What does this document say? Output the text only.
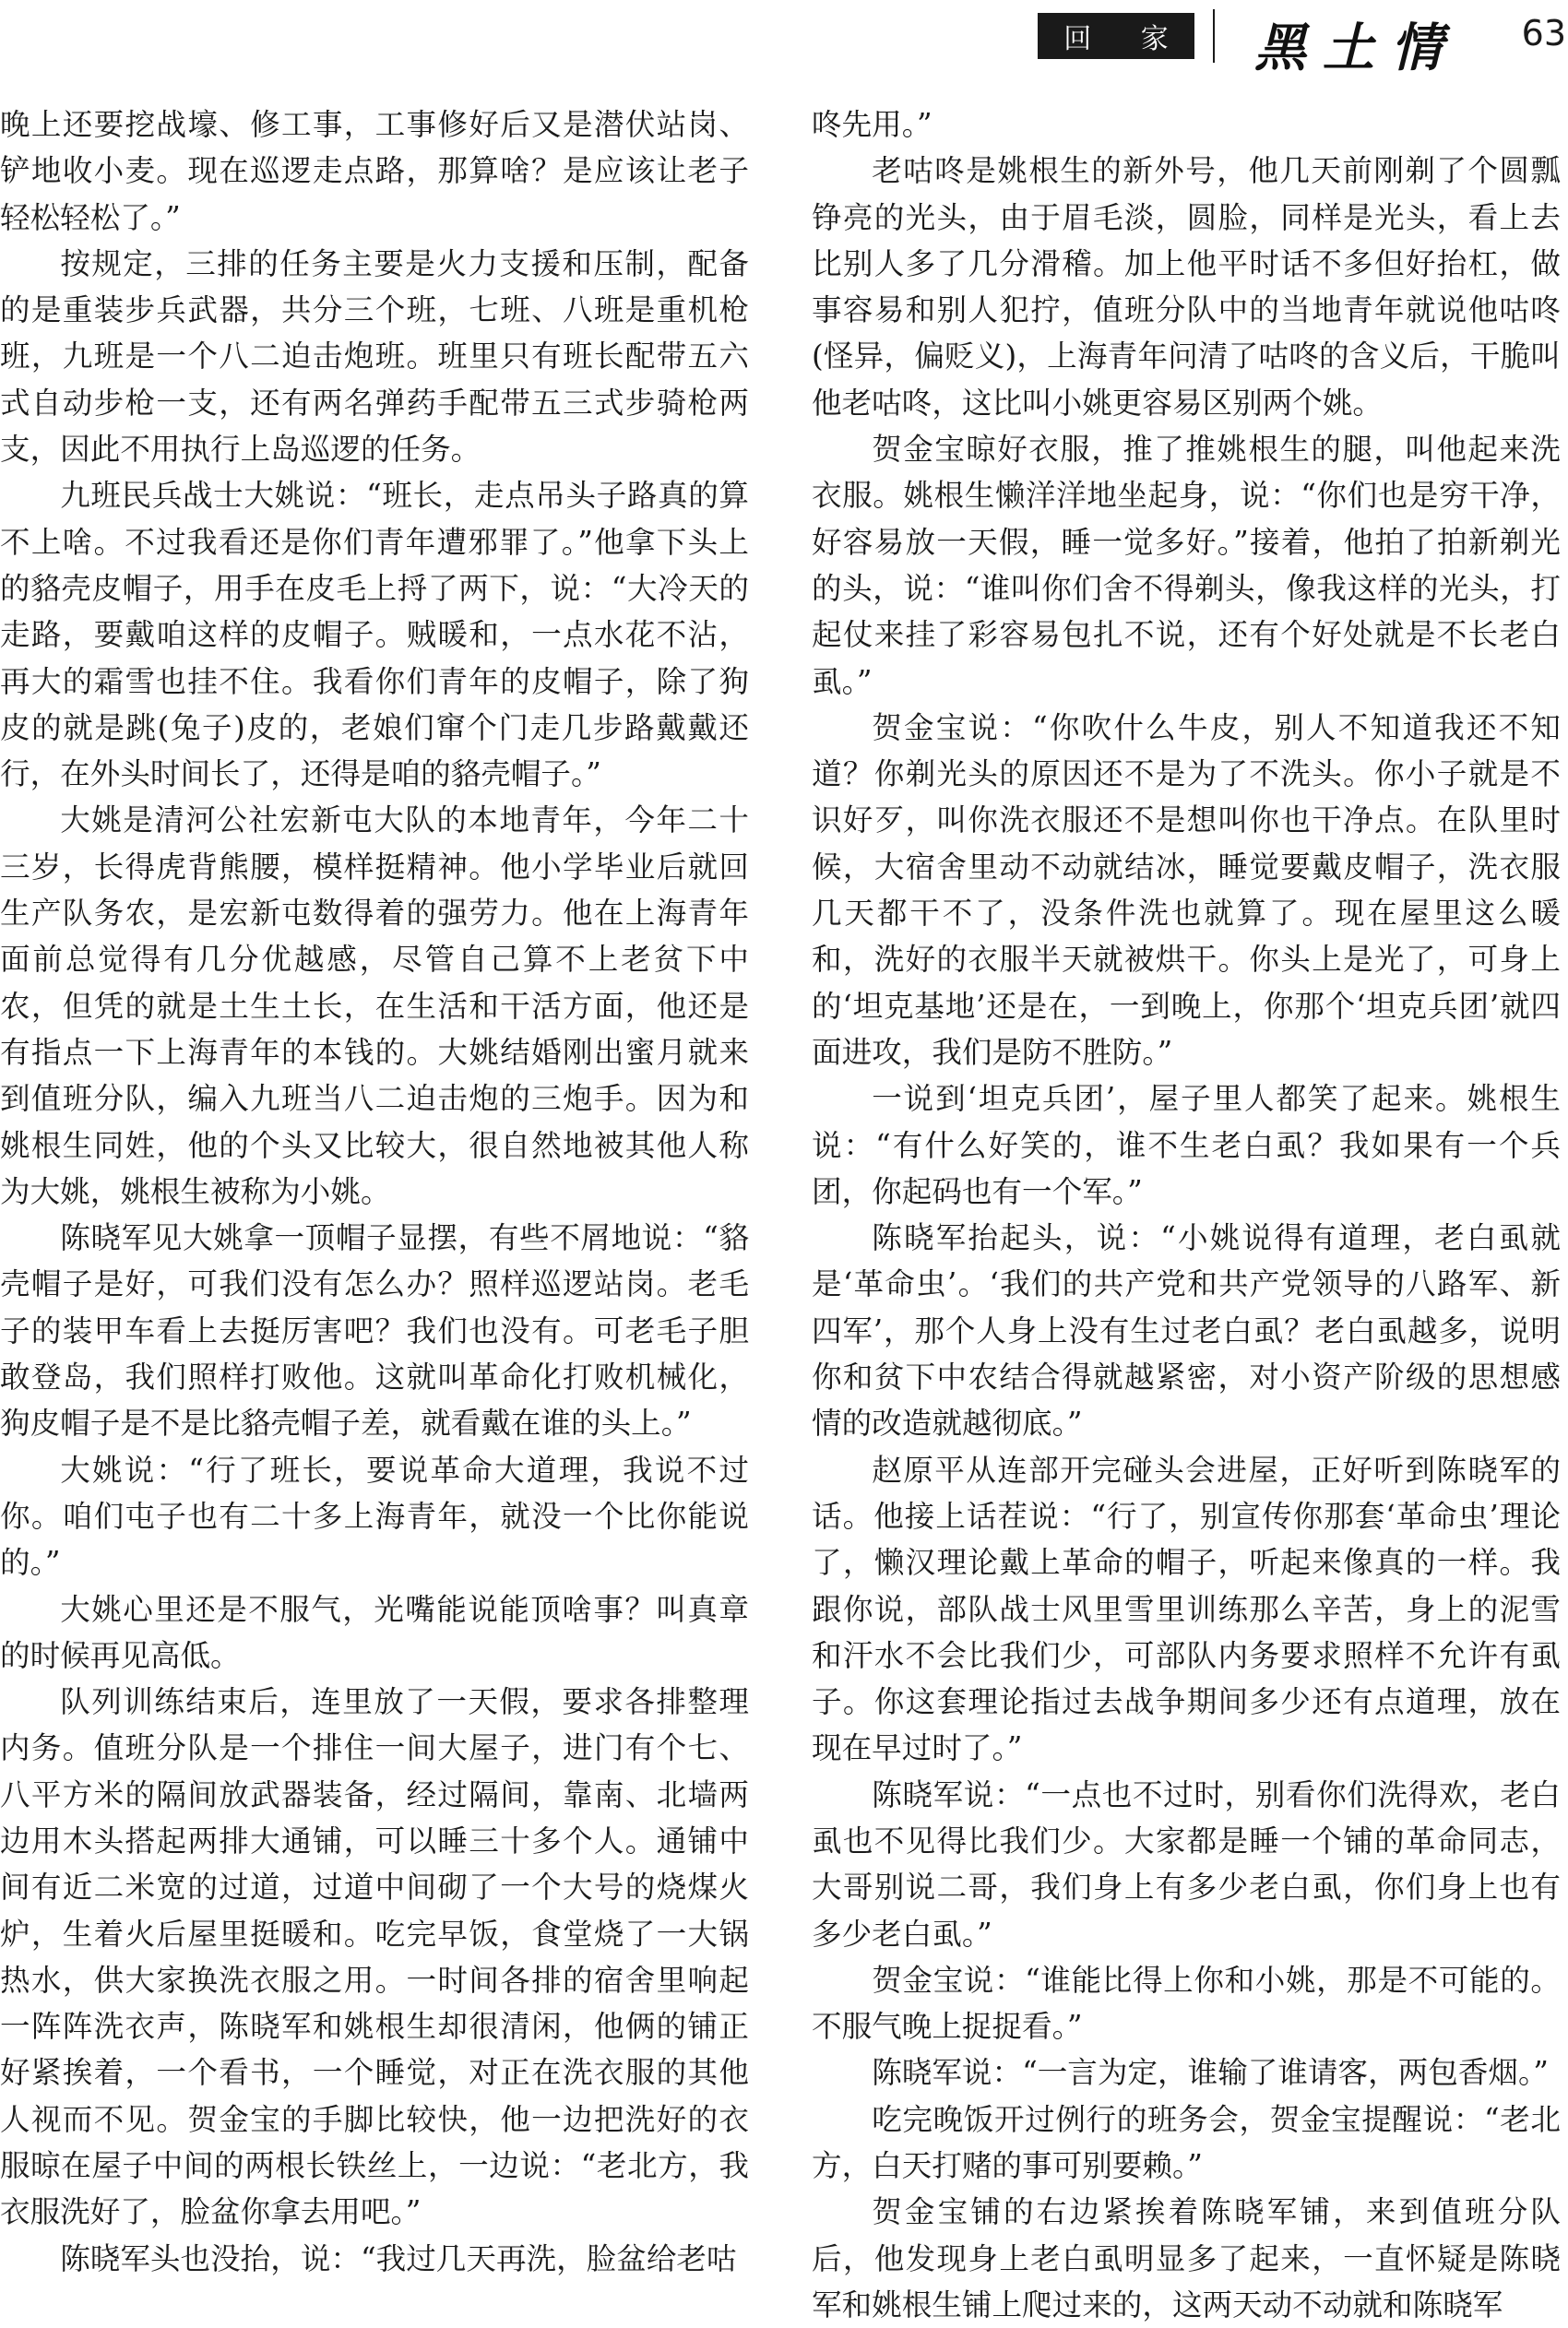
回 家 黑土情 63

晚上还要挖战壕、修工事，工事修好后又是潜伏站岗、铲地收小麦。现在巡逻走点路，那算啥？是应该让老子轻松轻松了。”

按规定，三排的任务主要是火力支援和压制，配备的是重装步兵武器，共分三个班，七班、八班是重机枪班，九班是一个八二迫击炮班。班里只有班长配带五六式自动步枪一支，还有两名弹药手配带五三式步骑枪两支，因此不用执行上岛巡逻的任务。

九班民兵战士大姚说：“班长，走点吊头子路真的算不上啥。不过我看还是你们青年遭邪罪了。”他拿下头上的貉壳皮帽子，用手在皮毛上捋了两下，说：“大冷天的走路，要戴咱这样的皮帽子。贼暖和，一点水花不沾，再大的霜雪也挂不住。我看你们青年的皮帽子，除了狗皮的就是跳(兔子)皮的，老娘们窜个门走几步路戴戴还行，在外头时间长了，还得是咱的貉壳帽子。”

大姚是清河公社宏新屯大队的本地青年，今年二十三岁，长得虎背熊腰，模样挺精神。他小学毕业后就回生产队务农，是宏新屯数得着的强劳力。他在上海青年面前总觉得有几分优越感，尽管自己算不上老贫下中农，但凭的就是土生土长，在生活和干活方面，他还是有指点一下上海青年的本钱的。大姚结婚刚出蜜月就来到值班分队，编入九班当八二迫击炮的三炮手。因为和姚根生同姓，他的个头又比较大，很自然地被其他人称为大姚，姚根生被称为小姚。

陈晓军见大姚拿一顶帽子显摆，有些不屑地说：“貉壳帽子是好，可我们没有怎么办？照样巡逻站岗。老毛子的装甲车看上去挺厉害吧？我们也没有。可老毛子胆敢登岛，我们照样打败他。这就叫革命化打败机械化，狗皮帽子是不是比貉壳帽子差，就看戴在谁的头上。”

大姚说：“行了班长，要说革命大道理，我说不过你。咱们屯子也有二十多上海青年，就没一个比你能说的。”

大姚心里还是不服气，光嘴能说能顶啥事？叫真章的时候再见高低。

队列训练结束后，连里放了一天假，要求各排整理内务。值班分队是一个排住一间大屋子，进门有个七、八平方米的隔间放武器装备，经过隔间，靠南、北墙两边用木头搭起两排大通铺，可以睡三十多个人。通铺中间有近二米宽的过道，过道中间砌了一个大号的烧煤火炉，生着火后屋里挺暖和。吃完早饭，食堂烧了一大锅热水，供大家换洗衣服之用。一时间各排的宿舍里响起一阵阵洗衣声，陈晓军和姚根生却很清闲，他俩的铺正好紧挨着，一个看书，一个睡觉，对正在洗衣服的其他人视而不见。贺金宝的手脚比较快，他一边把洗好的衣服晾在屋子中间的两根长铁丝上，一边说：“老北方，我衣服洗好了，脸盆你拿去用吧。”

陈晓军头也没抬，说：“我过几天再洗，脸盆给老咕

咚先用。”

老咕咚是姚根生的新外号，他几天前刚剃了个圆瓢铮亮的光头，由于眉毛淡，圆脸，同样是光头，看上去比别人多了几分滑稽。加上他平时话不多但好抬杠，做事容易和别人犯拧，值班分队中的当地青年就说他咕咚(怪异，偏贬义)，上海青年问清了咕咚的含义后，干脆叫他老咕咚，这比叫小姚更容易区别两个姚。

贺金宝晾好衣服，推了推姚根生的腿，叫他起来洗衣服。姚根生懒洋洋地坐起身，说：“你们也是穷干净，好容易放一天假，睡一觉多好。”接着，他拍了拍新剃光的头，说：“谁叫你们舍不得剃头，像我这样的光头，打起仗来挂了彩容易包扎不说，还有个好处就是不长老白虱。”

贺金宝说：“你吹什么牛皮，别人不知道我还不知道？你剃光头的原因还不是为了不洗头。你小子就是不识好歹，叫你洗衣服还不是想叫你也干净点。在队里时候，大宿舍里动不动就结冰，睡觉要戴皮帽子，洗衣服几天都干不了，没条件洗也就算了。现在屋里这么暖和，洗好的衣服半天就被烘干。你头上是光了，可身上的‘坦克基地’还是在，一到晚上，你那个‘坦克兵团’就四面进攻，我们是防不胜防。”

一说到‘坦克兵团’，屋子里人都笑了起来。姚根生说：“有什么好笑的，谁不生老白虱？我如果有一个兵团，你起码也有一个军。”

陈晓军抬起头，说：“小姚说得有道理，老白虱就是‘革命虫’。‘我们的共产党和共产党领导的八路军、新四军’，那个人身上没有生过老白虱？老白虱越多，说明你和贫下中农结合得就越紧密，对小资产阶级的思想感情的改造就越彻底。”

赵原平从连部开完碰头会进屋，正好听到陈晓军的话。他接上话茬说：“行了，别宣传你那套‘革命虫’理论了，懒汉理论戴上革命的帽子，听起来像真的一样。我跟你说，部队战士风里雪里训练那么辛苦，身上的泥雪和汗水不会比我们少，可部队内务要求照样不允许有虱子。你这套理论指过去战争期间多少还有点道理，放在现在早过时了。”

陈晓军说：“一点也不过时，别看你们洗得欢，老白虱也不见得比我们少。大家都是睡一个铺的革命同志，大哥别说二哥，我们身上有多少老白虱，你们身上也有多少老白虱。”

贺金宝说：“谁能比得上你和小姚，那是不可能的。不服气晚上捉捉看。”

陈晓军说：“一言为定，谁输了谁请客，两包香烟。”

吃完晚饭开过例行的班务会，贺金宝提醒说：“老北方，白天打赌的事可别要赖。”

贺金宝铺的右边紧挨着陈晓军铺，来到值班分队后，他发现身上老白虱明显多了起来，一直怀疑是陈晓军和姚根生铺上爬过来的，这两天动不动就和陈晓军
